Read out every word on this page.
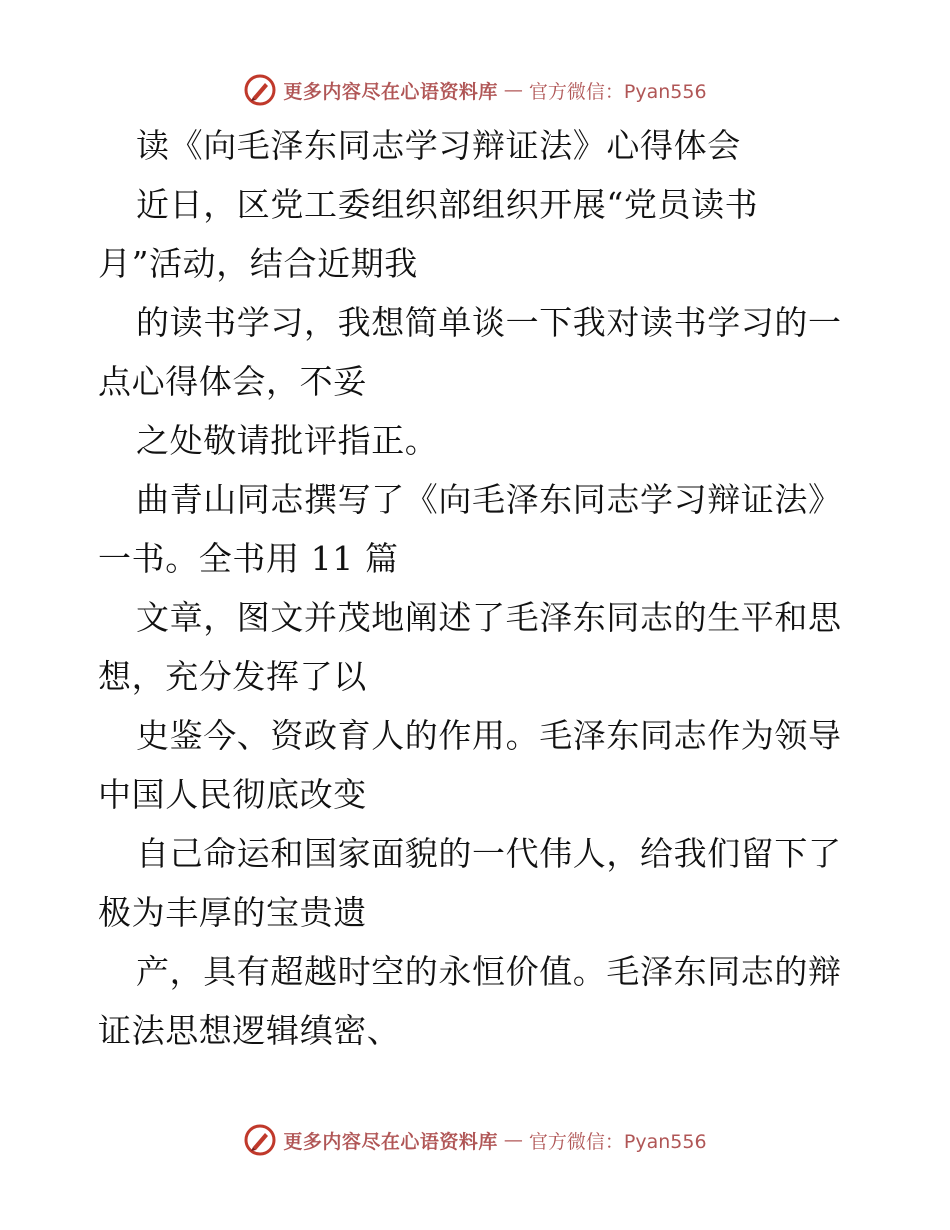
更多内容尽在心语资料库 — 官方微信：Pyan556
读《向毛泽东同志学习辩证法》心得体会
近日，区党工委组织部组织开展“党员读书
月”活动，结合近期我
的读书学习，我想简单谈一下我对读书学习的一
点心得体会，不妥
之处敬请批评指正。
曲青山同志撰写了《向毛泽东同志学习辩证法》
一书。全书用 11 篇
文章，图文并茂地阐述了毛泽东同志的生平和思
想，充分发挥了以
史鉴今、资政育人的作用。毛泽东同志作为领导
中国人民彻底改变
自己命运和国家面貌的一代伟人，给我们留下了
极为丰厚的宝贵遗
产，具有超越时空的永恒价值。毛泽东同志的辩
证法思想逻辑缜密、
更多内容尽在心语资料库 — 官方微信：Pyan556
